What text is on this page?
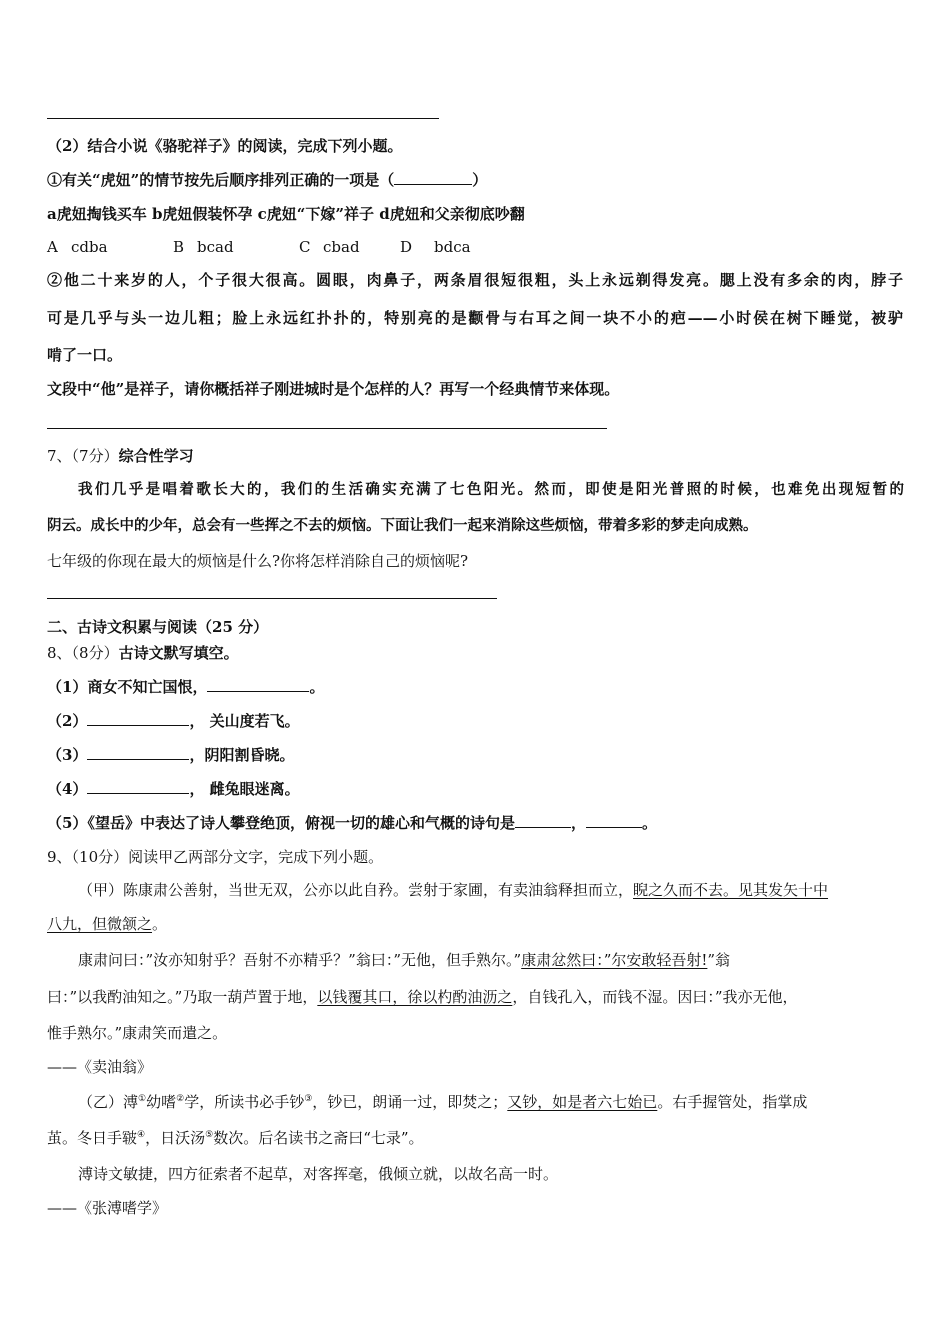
（2）结合小说《骆驼祥子》的阅读，完成下列小题。
①有关“虎妞”的情节按先后顺序排列正确的一项是（	）
a虎妞掏钱买车 b虎妞假装怀孕 c虎妞“下嫁”祥子 d虎妞和父亲彻底吵翻
A cdba	B bcad	C cbad	D bdca
②他二十来岁的人，个子很大很高。圆眼，肉鼻子，两条眉很短很粗，头上永远剃得发亮。腮上没有多余的肉，脖子
可是几乎与头一边儿粗；脸上永远红扑扑的，特别亮的是颧骨与右耳之间一块不小的疤——小时侯在树下睡觉，被驴
啃了一口。
文段中“他”是祥子，请你概括祥子刚进城时是个怎样的人？再写一个经典情节来体现。
7、（7分）综合性学习
我们几乎是唱着歌长大的，我们的生活确实充满了七色阳光。然而，即使是阳光普照的时候，也难免出现短暂的
阴云。成长中的少年，总会有一些挥之不去的烦恼。下面让我们一起来消除这些烦恼，带着多彩的梦走向成熟。
七年级的你现在最大的烦恼是什么?你将怎样消除自己的烦恼呢?
二、古诗文积累与阅读（25 分）
8、（8分）古诗文默写填空。
（1）商女不知亡国恨，	。
（2）	， 关山度若飞。
（3）	，阴阳割昏晓。
（4）	， 雌兔眼迷离。
（5）《望岳》中表达了诗人攀登绝顶，俯视一切的雄心和气概的诗句是	，	。
9、（10分）阅读甲乙两部分文字，完成下列小题。
（甲）陈康肃公善射，当世无双，公亦以此自矜。尝射于家圃，有卖油翁释担而立，睨之久而不去。见其发矢十中
八九，但微颔之。
康肃问曰：”汝亦知射乎？吾射不亦精乎？”翁曰：”无他，但手熟尔。”康肃忿然曰：”尔安敢轻吾射!”翁
曰：”以我酌油知之。”乃取一葫芦置于地，以钱覆其口，徐以杓酌油沥之，自钱孔入，而钱不湿。因曰：”我亦无他，
惟手熟尔。”康肃笑而遣之。
——《卖油翁》
（乙）溥①幼嗜②学，所读书必手钞③，钞已，朗诵一过，即焚之；又钞，如是者六七始已。右手握管处，指掌成
茧。冬日手皲④，日沃汤⑤数次。后名读书之斋曰“七录”。
溥诗文敏捷，四方征索者不起草，对客挥毫，俄倾立就，以故名高一时。
——《张溥嗜学》
